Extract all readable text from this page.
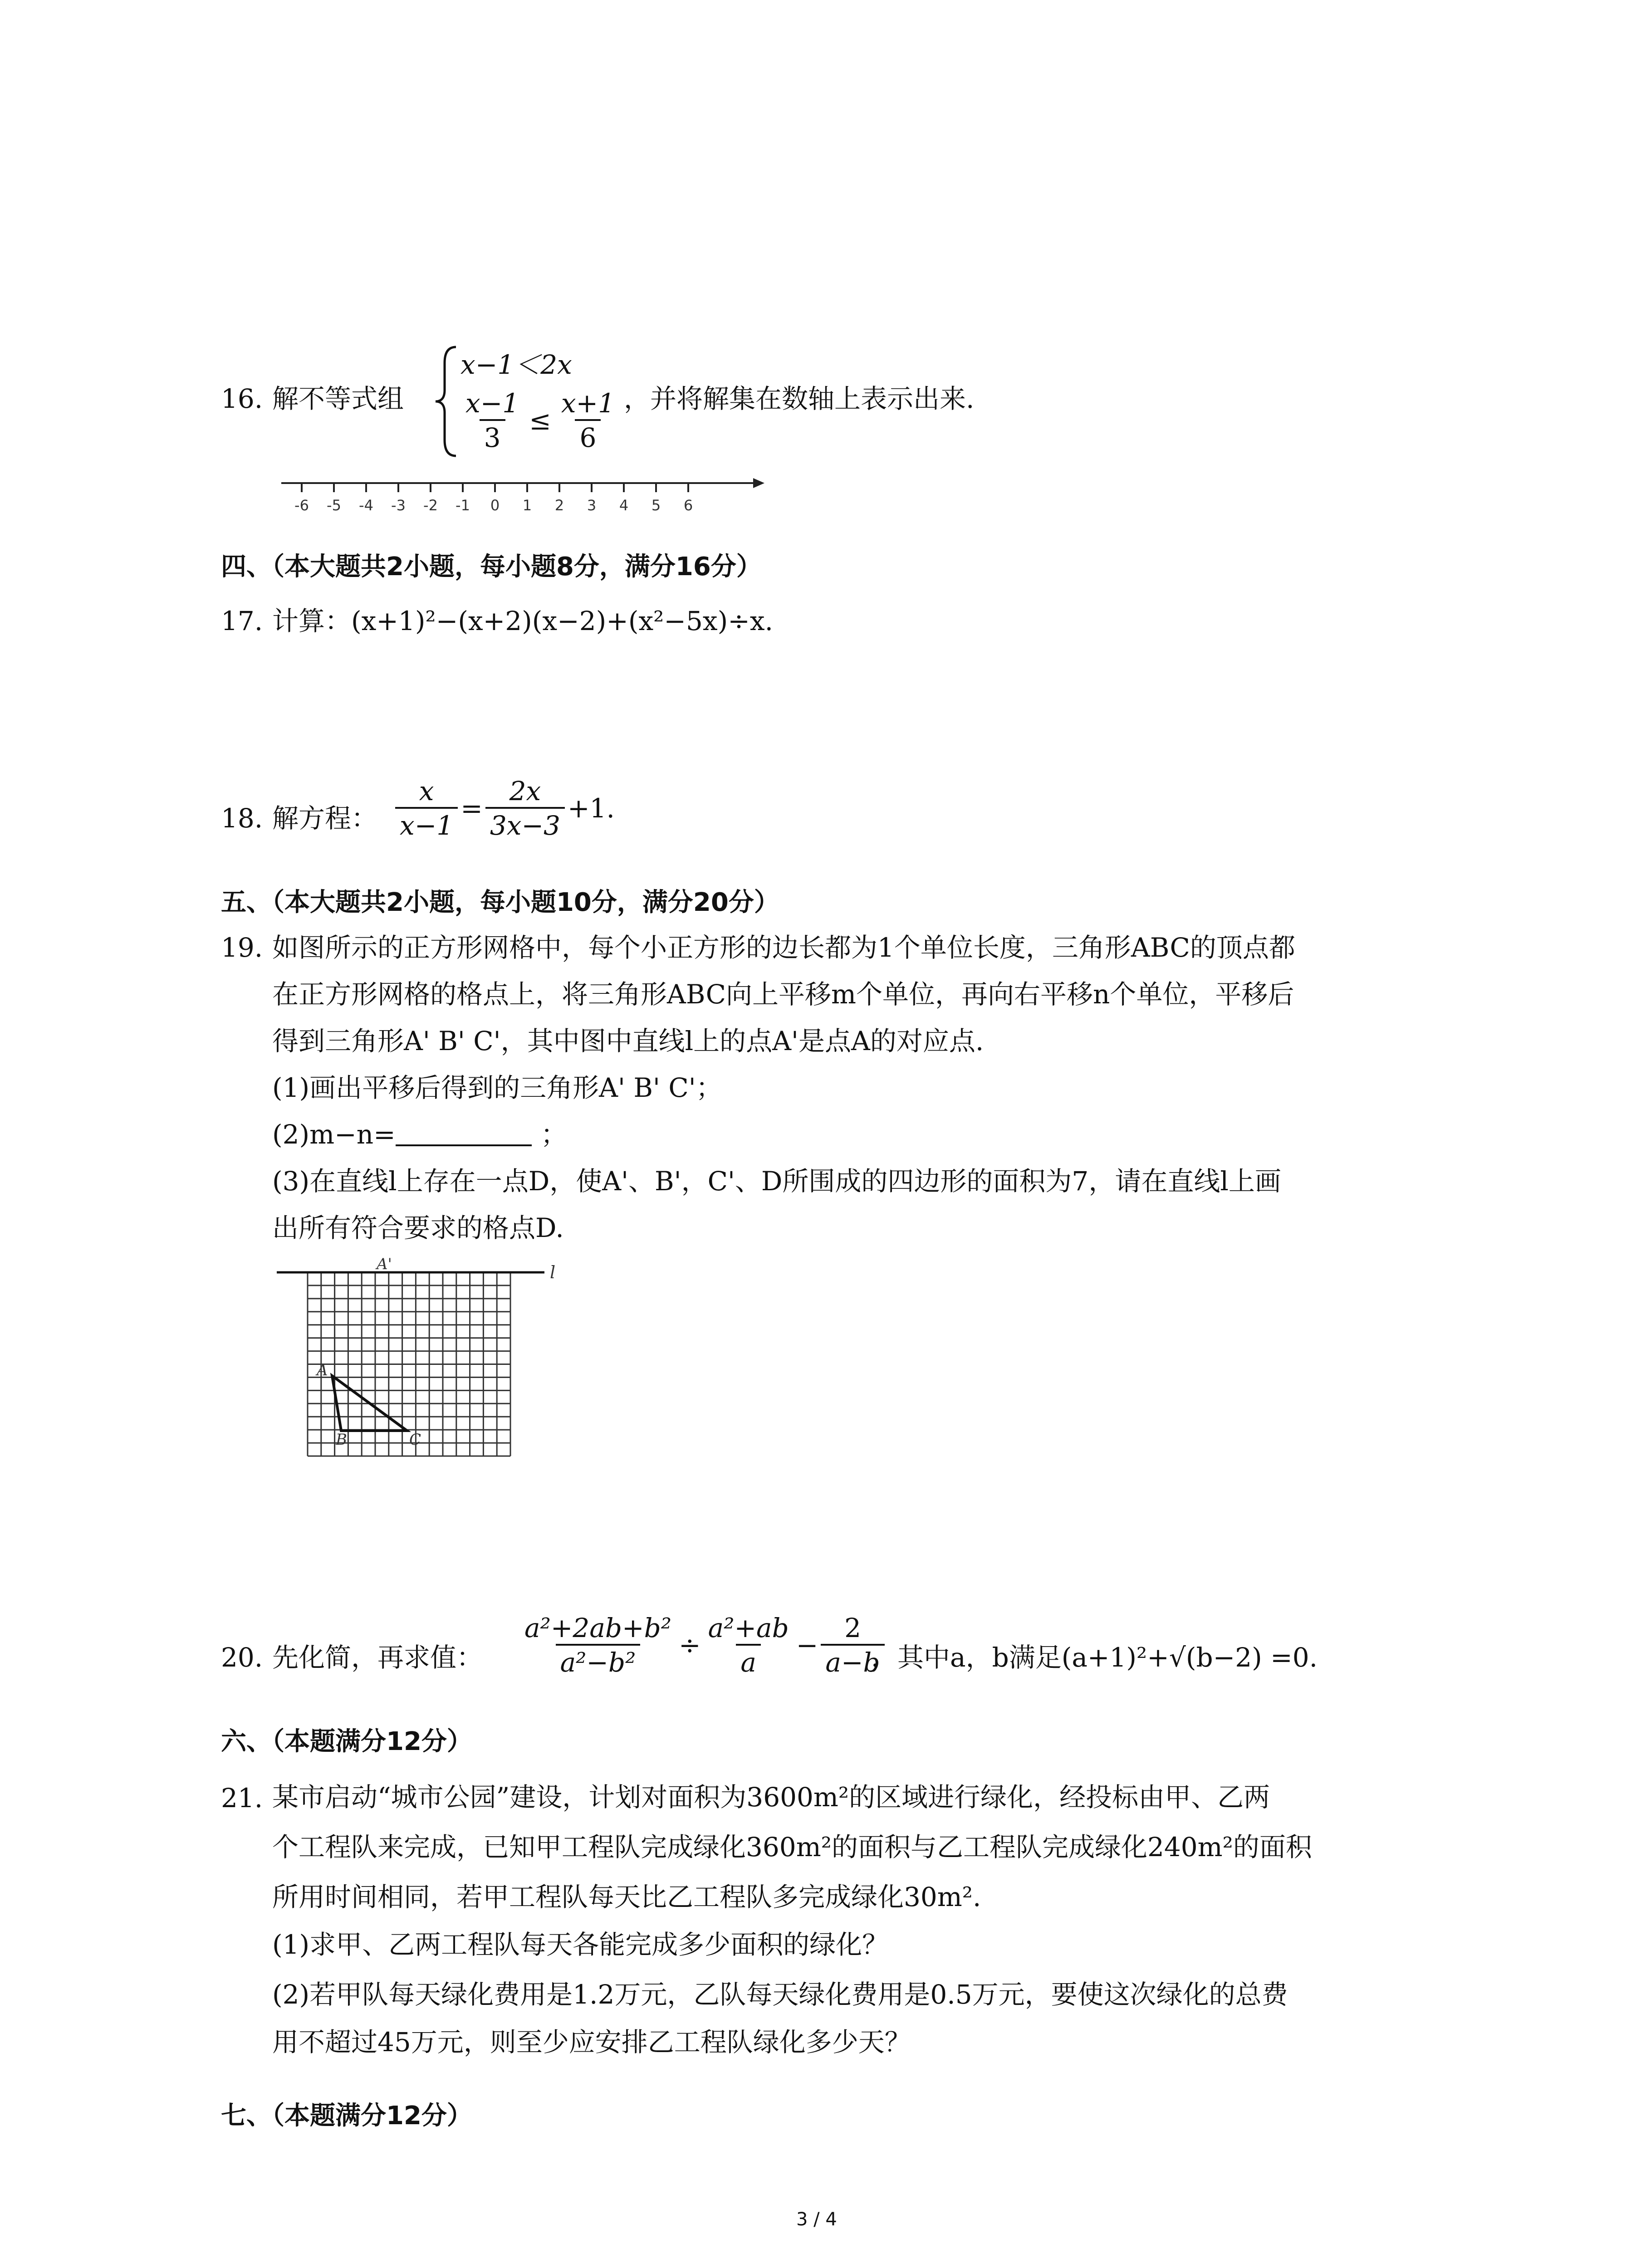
16. 解不等式组
x−1＜2x
$\frac{x-1}{3} \le \frac{x+1}{6}$ ，并将解集在数轴上表示出来.
-6 -5 -4 -3 -2 -1 0 1 2 3 4 5 6
四、（本大题共2小题，每小题8分，满分16分）
17. 计算：(x+1)²−(x+2)(x−2)+(x²−5x)÷x.
18. 解方程： $\frac{x}{x-1} = \frac{2x}{3x-3} +1$.
五、（本大题共2小题，每小题10分，满分20分）
19. 如图所示的正方形网格中，每个小正方形的边长都为1个单位长度，三角形ABC的顶点都
在正方形网格的格点上，将三角形ABC向上平移m个单位，再向右平移n个单位，平移后
得到三角形A' B' C'，其中图中直线l上的点A'是点A的对应点.
(1)画出平移后得到的三角形A' B' C'；
(2)m−n=	；
(3)在直线l上存在一点D，使A'、B'，C'、D所围成的四边形的面积为7，请在直线l上画
出所有符合要求的格点D.
A'	l
A
B	C
20. 先化简，再求值： $\frac{\text{a²+2ab+b²}}{\text{a²−b²}} \div \frac{\text{a²+ab}}{a} - \frac{2}{a-b}$
，其中a，b满足(a+1)²+√(b−2) =0.
六、（本题满分12分）
21. 某市启动“城市公园”建设，计划对面积为3600m²的区域进行绿化，经投标由甲、乙两
个工程队来完成，已知甲工程队完成绿化360m²的面积与乙工程队完成绿化240m²的面积
所用时间相同，若甲工程队每天比乙工程队多完成绿化30m².
(1)求甲、乙两工程队每天各能完成多少面积的绿化？
(2)若甲队每天绿化费用是1.2万元，乙队每天绿化费用是0.5万元，要使这次绿化的总费
用不超过45万元，则至少应安排乙工程队绿化多少天？
七、（本题满分12分）
3 / 4
